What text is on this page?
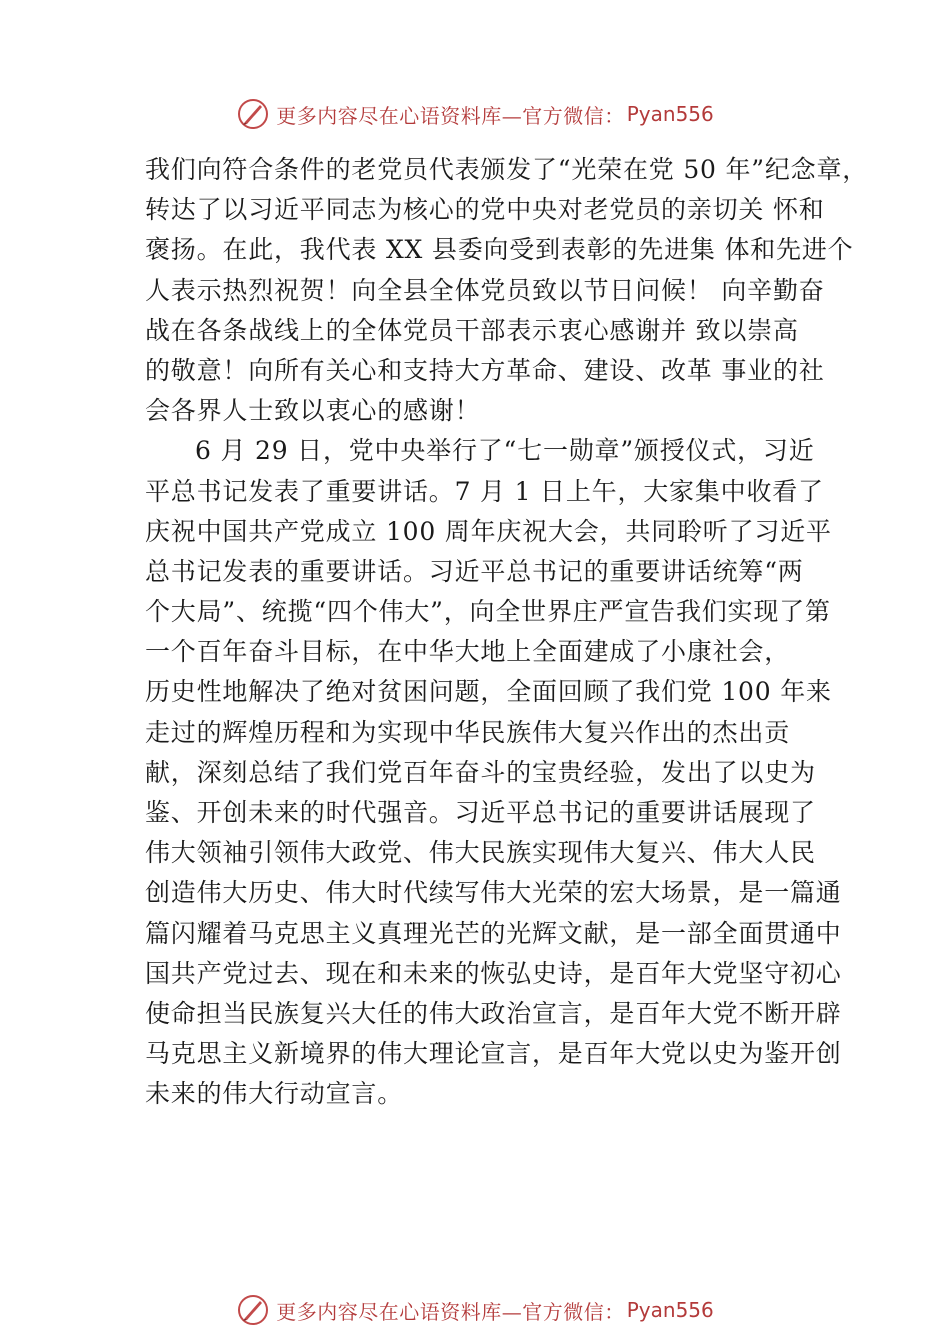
更多内容尽在心语资料库—官方微信： Pyan556
我们向符合条件的老党员代表颁发了“光荣在党 50 年”纪念章，
转达了以习近平同志为核心的党中央对老党员的亲切关 怀和
褒扬。在此，我代表 XX 县委向受到表彰的先进集 体和先进个
人表示热烈祝贺！向全县全体党员致以节日问候！ 向辛勤奋
战在各条战线上的全体党员干部表示衷心感谢并 致以崇高
的敬意！向所有关心和支持大方革命、建设、改革 事业的社
会各界人士致以衷心的感谢！
6 月 29 日，党中央举行了“七一勋章”颁授仪式，习近
平总书记发表了重要讲话。7 月 1 日上午，大家集中收看了
庆祝中国共产党成立 100 周年庆祝大会，共同聆听了习近平
总书记发表的重要讲话。习近平总书记的重要讲话统筹“两
个大局”、统揽“四个伟大”，向全世界庄严宣告我们实现了第
一个百年奋斗目标，在中华大地上全面建成了小康社会，
历史性地解决了绝对贫困问题，全面回顾了我们党 100 年来
走过的辉煌历程和为实现中华民族伟大复兴作出的杰出贡
献，深刻总结了我们党百年奋斗的宝贵经验，发出了以史为
鉴、开创未来的时代强音。习近平总书记的重要讲话展现了
伟大领袖引领伟大政党、伟大民族实现伟大复兴、伟大人民
创造伟大历史、伟大时代续写伟大光荣的宏大场景，是一篇通
篇闪耀着马克思主义真理光芒的光辉文献，是一部全面贯通中
国共产党过去、现在和未来的恢弘史诗，是百年大党坚守初心
使命担当民族复兴大任的伟大政治宣言，是百年大党不断开辟
马克思主义新境界的伟大理论宣言，是百年大党以史为鉴开创
未来的伟大行动宣言。
更多内容尽在心语资料库—官方微信： Pyan556
